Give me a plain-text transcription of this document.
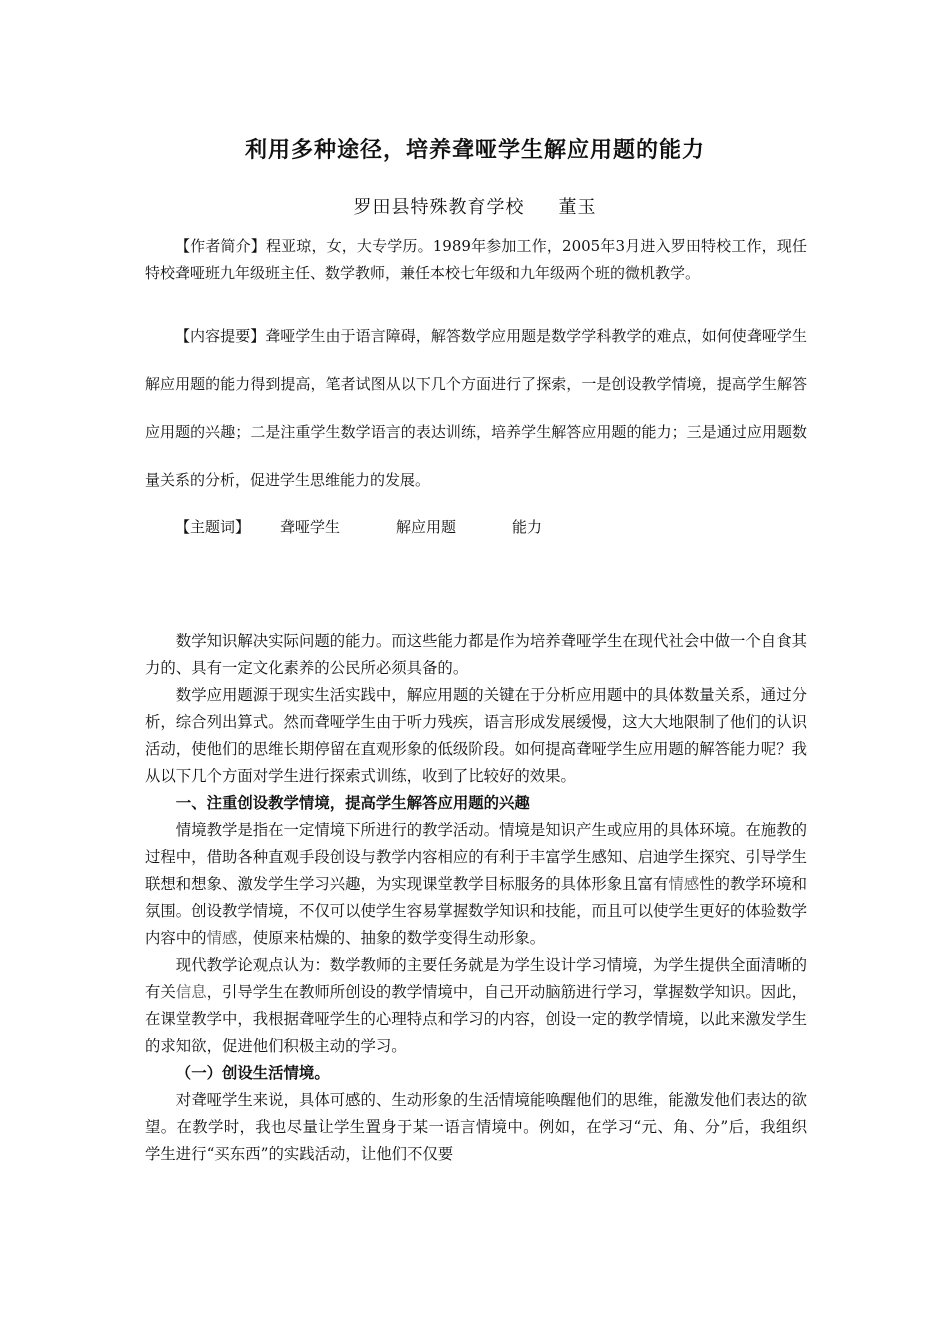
利用多种途径，培养聋哑学生解应用题的能力
罗田县特殊教育学校 董玉

【作者简介】程亚琼，女，大专学历。1989年参加工作，2005年3月进入罗田特校工作，现任特校聋哑班九年级班主任、数学教师，兼任本校七年级和九年级两个班的微机教学。

【内容提要】聋哑学生由于语言障碍，解答数学应用题是数学学科教学的难点，如何使聋哑学生解应用题的能力得到提高，笔者试图从以下几个方面进行了探索，一是创设教学情境，提高学生解答应用题的兴趣；二是注重学生数学语言的表达训练，培养学生解答应用题的能力；三是通过应用题数量关系的分析，促进学生思维能力的发展。

【主题词】 聋哑学生	解应用题	能力

数学知识解决实际问题的能力。而这些能力都是作为培养聋哑学生在现代社会中做一个自食其力的、具有一定文化素养的公民所必须具备的。

数学应用题源于现实生活实践中，解应用题的关键在于分析应用题中的具体数量关系，通过分析，综合列出算式。然而聋哑学生由于听力残疾，语言形成发展缓慢，这大大地限制了他们的认识活动，使他们的思维长期停留在直观形象的低级阶段。如何提高聋哑学生应用题的解答能力呢？我从以下几个方面对学生进行探索式训练，收到了比较好的效果。

一、注重创设教学情境，提高学生解答应用题的兴趣

情境教学是指在一定情境下所进行的教学活动。情境是知识产生或应用的具体环境。在施教的过程中，借助各种直观手段创设与教学内容相应的有利于丰富学生感知、启迪学生探究、引导学生联想和想象、激发学生学习兴趣，为实现课堂教学目标服务的具体形象且富有情感性的教学环境和氛围。创设教学情境，不仅可以使学生容易掌握数学知识和技能，而且可以使学生更好的体验数学内容中的情感，使原来枯燥的、抽象的数学变得生动形象。

现代教学论观点认为：数学教师的主要任务就是为学生设计学习情境，为学生提供全面清晰的有关信息，引导学生在教师所创设的教学情境中，自己开动脑筋进行学习，掌握数学知识。因此，在课堂教学中，我根据聋哑学生的心理特点和学习的内容，创设一定的教学情境，以此来激发学生的求知欲，促进他们积极主动的学习。

（一）创设生活情境。

对聋哑学生来说，具体可感的、生动形象的生活情境能唤醒他们的思维，能激发他们表达的欲望。在教学时，我也尽量让学生置身于某一语言情境中。例如，在学习“元、角、分”后，我组织学生进行“买东西”的实践活动，让他们不仅要
